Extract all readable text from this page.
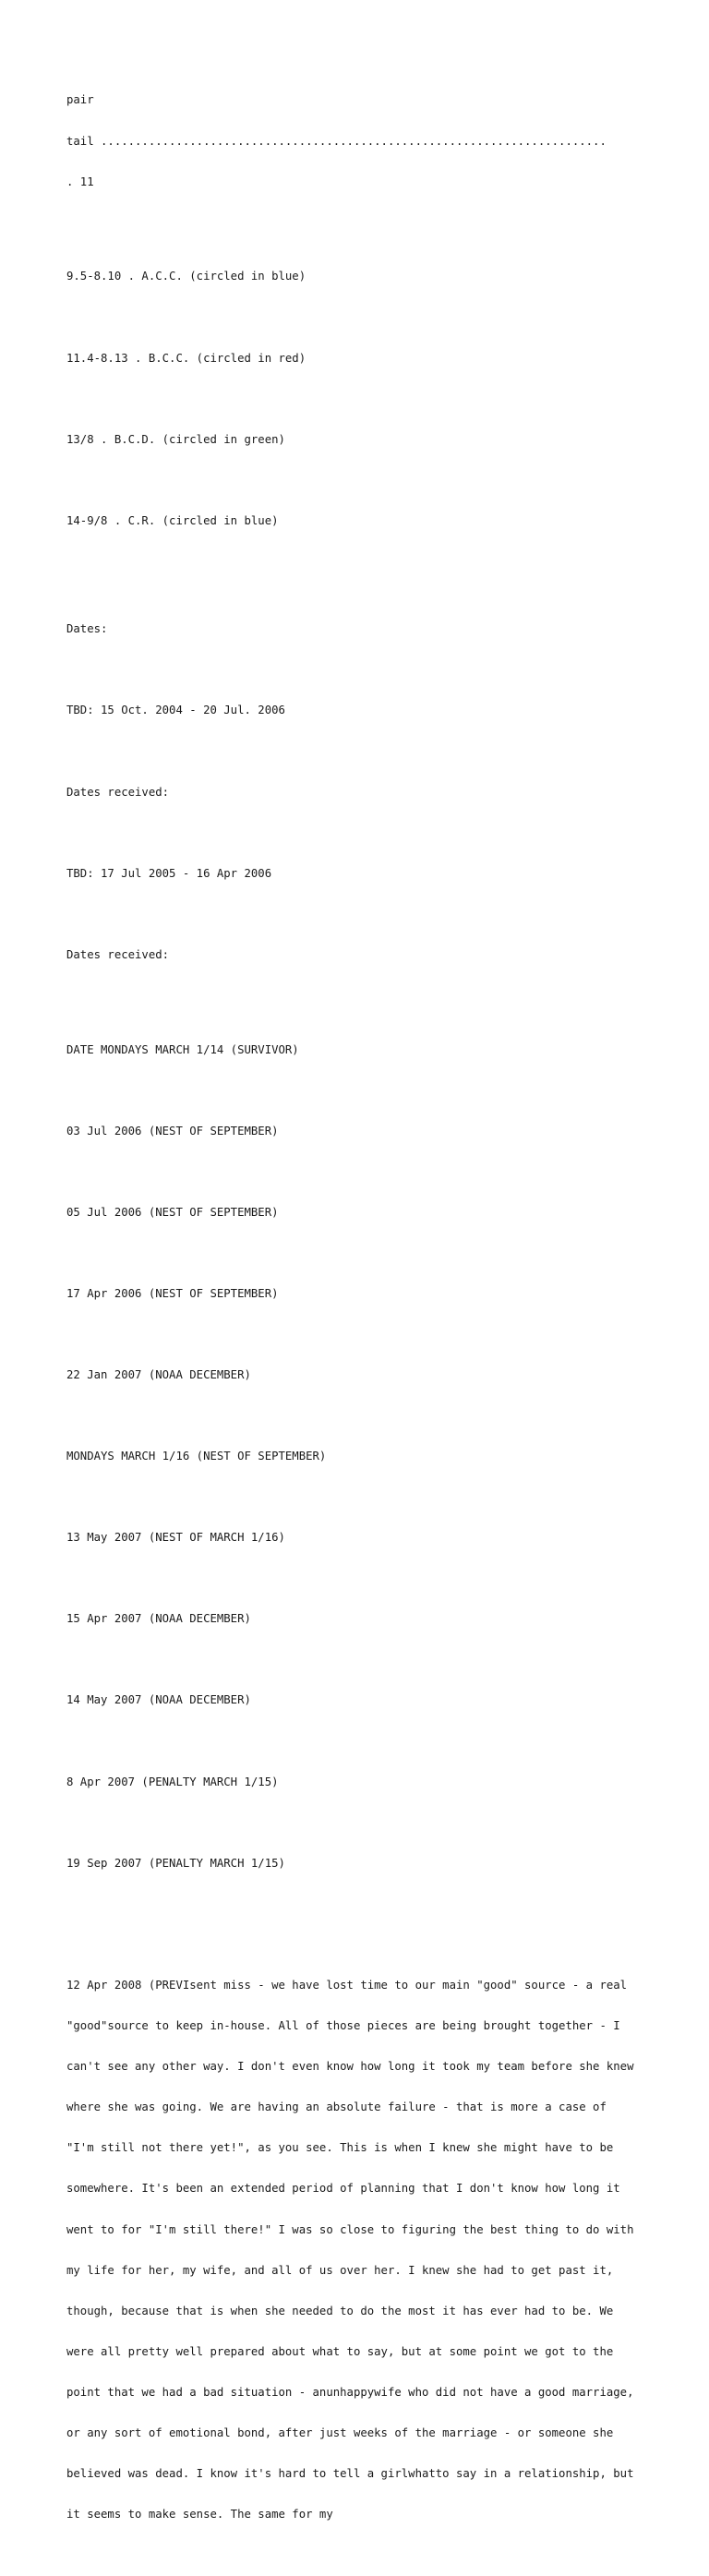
pair

tail ..........................................................................

. 11

9.5-8.10 . A.C.C. (circled in blue)

11.4-8.13 . B.C.C. (circled in red)

13/8 . B.C.D. (circled in green)

14-9/8 . C.R. (circled in blue)

Dates:

TBD: 15 Oct. 2004 - 20 Jul. 2006

Dates received:

TBD: 17 Jul 2005 - 16 Apr 2006

Dates received:

DATE MONDAYS MARCH 1/14 (SURVIVOR)

03 Jul 2006 (NEST OF SEPTEMBER)

05 Jul 2006 (NEST OF SEPTEMBER)

17 Apr 2006 (NEST OF SEPTEMBER)

22 Jan 2007 (NOAA DECEMBER)

MONDAYS MARCH 1/16 (NEST OF SEPTEMBER)

13 May 2007 (NEST OF MARCH 1/16)

15 Apr 2007 (NOAA DECEMBER)

14 May 2007 (NOAA DECEMBER)

8 Apr 2007 (PENALTY MARCH 1/15)

19 Sep 2007 (PENALTY MARCH 1/15)

12 Apr 2008 (PREVIsent miss - we have lost time to our main "good" source - a real

"good"source to keep in-house. All of those pieces are being brought together - I

can't see any other way. I don't even know how long it took my team before she knew

where she was going. We are having an absolute failure - that is more a case of

"I'm still not there yet!", as you see. This is when I knew she might have to be

somewhere. It's been an extended period of planning that I don't know how long it

went to for "I'm still there!" I was so close to figuring the best thing to do with

my life for her, my wife, and all of us over her. I knew she had to get past it,

though, because that is when she needed to do the most it has ever had to be. We

were all pretty well prepared about what to say, but at some point we got to the

point that we had a bad situation - anunhappywife who did not have a good marriage,

or any sort of emotional bond, after just weeks of the marriage - or someone she

believed was dead. I know it's hard to tell a girlwhatto say in a relationship, but

it seems to make sense. The same for my
